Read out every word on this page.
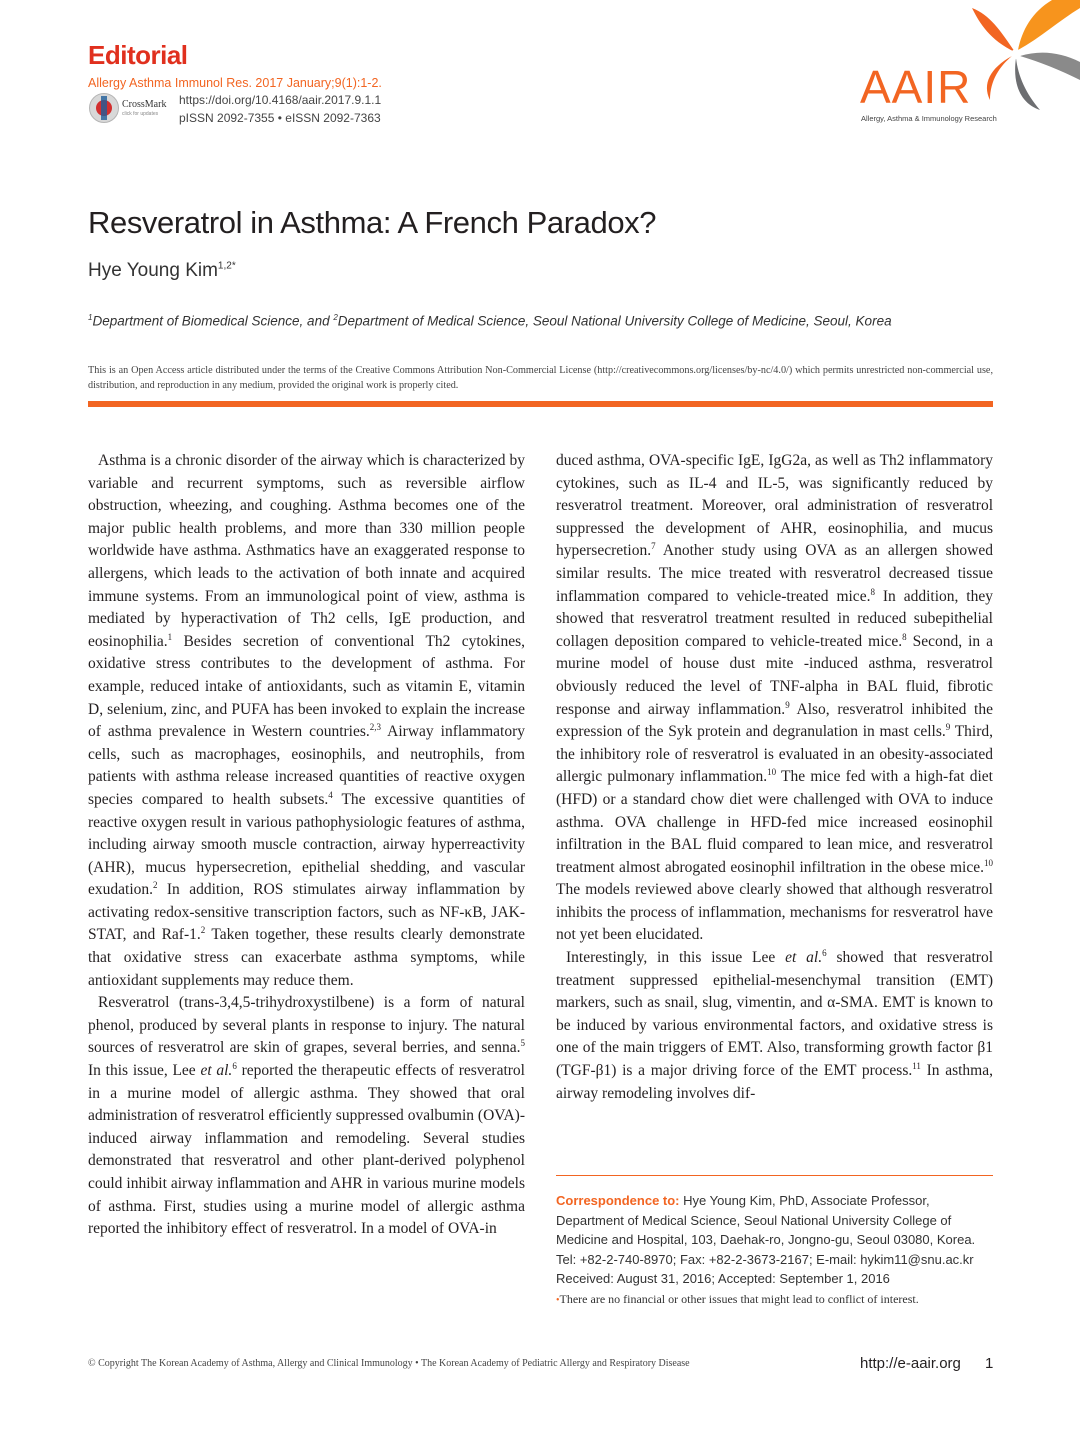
Editorial
Allergy Asthma Immunol Res. 2017 January;9(1):1-2.
CrossMark
click for updates
https://doi.org/10.4168/aair.2017.9.1.1
pISSN 2092-7355 • eISSN 2092-7363
AAIR
Allergy, Asthma & Immunology Research
Resveratrol in Asthma: A French Paradox?
Hye Young Kim$^{1,2*}$
$^1$Department of Biomedical Science, and $^2$Department of Medical Science, Seoul National University College of Medicine, Seoul, Korea
This is an Open Access article distributed under the terms of the Creative Commons Attribution Non-Commercial License (http://creativecommons.org/licenses/by-nc/4.0/) which permits unrestricted non-commercial use, distribution, and reproduction in any medium, provided the original work is properly cited.

Asthma is a chronic disorder of the airway which is characterized by variable and recurrent symptoms, such as reversible airflow obstruction, wheezing, and coughing. Asthma becomes one of the major public health problems, and more than 330 million people worldwide have asthma. Asthmatics have an exaggerated response to allergens, which leads to the activation of both innate and acquired immune systems. From an immunological point of view, asthma is mediated by hyperactivation of Th2 cells, IgE production, and eosinophilia.$^1$ Besides secretion of conventional Th2 cytokines, oxidative stress contributes to the development of asthma. For example, reduced intake of antioxidants, such as vitamin E, vitamin D, selenium, zinc, and PUFA has been invoked to explain the increase of asthma prevalence in Western countries.$^{2,3}$ Airway inflammatory cells, such as macrophages, eosinophils, and neutrophils, from patients with asthma release increased quantities of reactive oxygen species compared to health subsets.$^4$ The excessive quantities of reactive oxygen result in various pathophysiologic features of asthma, including airway smooth muscle contraction, airway hyperreactivity (AHR), mucus hypersecretion, epithelial shedding, and vascular exudation.$^2$ In addition, ROS stimulates airway inflammation by activating redox-sensitive transcription factors, such as NF-κB, JAK-STAT, and Raf-1.$^2$ Taken together, these results clearly demonstrate that oxidative stress can exacerbate asthma symptoms, while antioxidant supplements may reduce them.

Resveratrol (trans-3,4,5-trihydroxystilbene) is a form of natural phenol, produced by several plants in response to injury. The natural sources of resveratrol are skin of grapes, several berries, and senna.$^5$ In this issue, Lee et al.$^6$ reported the therapeutic effects of resveratrol in a murine model of allergic asthma. They showed that oral administration of resveratrol efficiently suppressed ovalbumin (OVA)-induced airway inflammation and remodeling. Several studies demonstrated that resveratrol and other plant-derived polyphenol could inhibit airway inflammation and AHR in various murine models of asthma. First, studies using a murine model of allergic asthma reported the inhibitory effect of resveratrol. In a model of OVA-in

duced asthma, OVA-specific IgE, IgG2a, as well as Th2 inflammatory cytokines, such as IL-4 and IL-5, was significantly reduced by resveratrol treatment. Moreover, oral administration of resveratrol suppressed the development of AHR, eosinophilia, and mucus hypersecretion.$^7$ Another study using OVA as an allergen showed similar results. The mice treated with resveratrol decreased tissue inflammation compared to vehicle-treated mice.$^8$ In addition, they showed that resveratrol treatment resulted in reduced subepithelial collagen deposition compared to vehicle-treated mice.$^8$ Second, in a murine model of house dust mite -induced asthma, resveratrol obviously reduced the level of TNF-alpha in BAL fluid, fibrotic response and airway inflammation.$^9$ Also, resveratrol inhibited the expression of the Syk protein and degranulation in mast cells.$^9$ Third, the inhibitory role of resveratrol is evaluated in an obesity-associated allergic pulmonary inflammation.$^{10}$ The mice fed with a high-fat diet (HFD) or a standard chow diet were challenged with OVA to induce asthma. OVA challenge in HFD-fed mice increased eosinophil infiltration in the BAL fluid compared to lean mice, and resveratrol treatment almost abrogated eosinophil infiltration in the obese mice.$^{10}$ The models reviewed above clearly showed that although resveratrol inhibits the process of inflammation, mechanisms for resveratrol have not yet been elucidated.

Interestingly, in this issue Lee et al.$^6$ showed that resveratrol treatment suppressed epithelial-mesenchymal transition (EMT) markers, such as snail, slug, vimentin, and α-SMA. EMT is known to be induced by various environmental factors, and oxidative stress is one of the main triggers of EMT. Also, transforming growth factor β1 (TGF-β1) is a major driving force of the EMT process.$^{11}$ In asthma, airway remodeling involves dif-

Correspondence to: Hye Young Kim, PhD, Associate Professor, Department of Medical Science, Seoul National University College of Medicine and Hospital, 103, Daehak-ro, Jongno-gu, Seoul 03080, Korea.
Tel: +82-2-740-8970; Fax: +82-2-3673-2167; E-mail: hykim11@snu.ac.kr
Received: August 31, 2016; Accepted: September 1, 2016
•There are no financial or other issues that might lead to conflict of interest.
© Copyright The Korean Academy of Asthma, Allergy and Clinical Immunology • The Korean Academy of Pediatric Allergy and Respiratory Disease	http://e-aair.org 1
